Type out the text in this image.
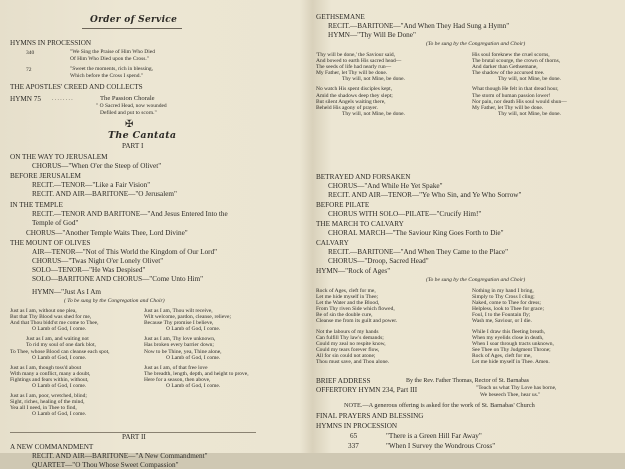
Order of Service
HYMNS IN PROCESSION
340	"We Sing the Praise of Him Who Died
Of Him Who Died upon the Cross."
72	"Sweet the moments, rich in blessing,
Which before the Cross I spend."
THE APOSTLES' CREED AND COLLECTS
HYMN 75 . . . . . . . .	The Passion Chorale
" O Sacred Head, now wounded
Defiled and put to scorn."
✠
The Cantata
PART I
ON THE WAY TO JERUSALEM
CHORUS—"When O'er the Steep of Olivet"
BEFORE JERUSALEM
RECIT.—TENOR—"Like a Fair Vision"
RECIT. AND AIR—BARITONE—"O Jerusalem"
IN THE TEMPLE
RECIT.—TENOR AND BARITONE—"And Jesus Entered Into the
Temple of God"
CHORUS—"Another Temple Waits Thee, Lord Divine"
THE MOUNT OF OLIVES
AIR—TENOR—"Not of This World the Kingdom of Our Lord"
CHORUS—"Twas Night O'er Lonely Olivet"
SOLO—TENOR—"He Was Despised"
SOLO—BARITONE AND CHORUS—"Come Unto Him"
HYMN—"Just As I Am
( To be sung by the Congregation and Choir)

Just as I am, without one plea,

But that Thy Blood was shed for me,

And that Thou bidd'st me come to Thee,

O Lamb of God, I come.

Just as I am, and waiting not

To rid my soul of one dark blot,

To Thee, whose Blood can cleanse each spot,

O Lamb of God, I come.

Just as I am, though toss'd about

With many a conflict, many a doubt,

Fightings and fears within, without,

O Lamb of God, I come.

Just as I am, poor, wretched, blind;

Sight, riches, healing of the mind,

Yea all I need, in Thee to find,

O Lamb of God, I come.

Just as I am, Thou wilt receive,

Wilt welcome, pardon, cleanse, relieve;

Because Thy promise I believe,

O Lamb of God, I come.

Just as I am, Thy love unknown,

Has broken every barrier down;

Now to be Thine, yea, Thine alone,

O Lamb of God, I come.

Just as I am, of that free love

The breadth, length, depth, and height to prove,

Here for a season, then above,

O Lamb of God, I come.

PART II
A NEW COMMANDMENT
RECIT. AND AIR—BARITONE—"A New Commandment"
QUARTET—"O Thou Whose Sweet Compassion"
GETHSEMANE
RECIT.—BARITONE—"And When They Had Sung a Hymn"
HYMN—"Thy Will Be Done"
(To be sung by the Congregation and Choir)

'Thy will be done,' the Saviour said,

And bowed to earth His sacred head—

The seeds of life had nearly run—

My Father, let Thy will be done.

Thy will, not Mine, be done.

No watch His spent disciples kept,

Amid the shadows deep they slept;

But silent Angels waiting there,

Beheld His agony of prayer.

Thy will, not Mine, be done.

His soul foreknew the cruel scorns,

The brutal scourge, the crown of thorns,

And darker than Gethsemane,

The shadow of the accursed tree.

Thy will, not Mine, be done.

What though He felt in that dread hour,

The storm of human passion lower!

Nor pain, nor death His soul would shun—

My Father, let Thy will be done.

Thy will, not Mine, be done.

BETRAYED AND FORSAKEN
CHORUS—"And While He Yet Spake"
RECIT. AND AIR—TENOR—"Ye Who Sin, and Ye Who Sorrow"
BEFORE PILATE
CHORUS WITH SOLO—PILATE—"Crucify Him!"
THE MARCH TO CALVARY
CHORAL MARCH—"The Saviour King Goes Forth to Die"
CALVARY
RECIT.—BARITONE—"And When They Came to the Place"
CHORUS—"Droop, Sacred Head"
HYMN—"Rock of Ages"
(To be sung by the Congregation and Choir)

Rock of Ages, cleft for me,

Let me hide myself in Thee;

Let the Water and the Blood,

From Thy riven Side which flowed,

Be of sin the double cure,

Cleanse me from its guilt and power.

Not the labours of my hands

Can fulfill Thy law's demands;

Could my zeal no respite know,

Could my tears forever flow,

All for sin could not atone;

Thou must save, and Thou alone.

Nothing in my hand I bring,

Simply to Thy Cross I cling;

Naked, come to Thee for dress;

Helpless, look to Thee for grace;

Foul, I to the Fountain fly;

Wash me, Saviour, or I die.

While I draw this fleeting breath,

When my eyelids close in death,

When I soar through tracts unknown,

See Thee on Thy Judgment Throne;

Rock of Ages, cleft for me,

Let me hide myself in Thee. Amen.

BRIEF ADDRESS	By the Rev. Father Thomas, Rector of St. Barnabas
OFFERTORY HYMN 234, Part III	"Teach us what Thy Love has borne,
We beseech Thee, hear us."
NOTE.—A generous offering is asked for the work of St. Barnabas' Church
FINAL PRAYERS AND BLESSING
HYMNS IN PROCESSION
65	"There is a Green Hill Far Away"
337	"When I Survey the Wondrous Cross"
